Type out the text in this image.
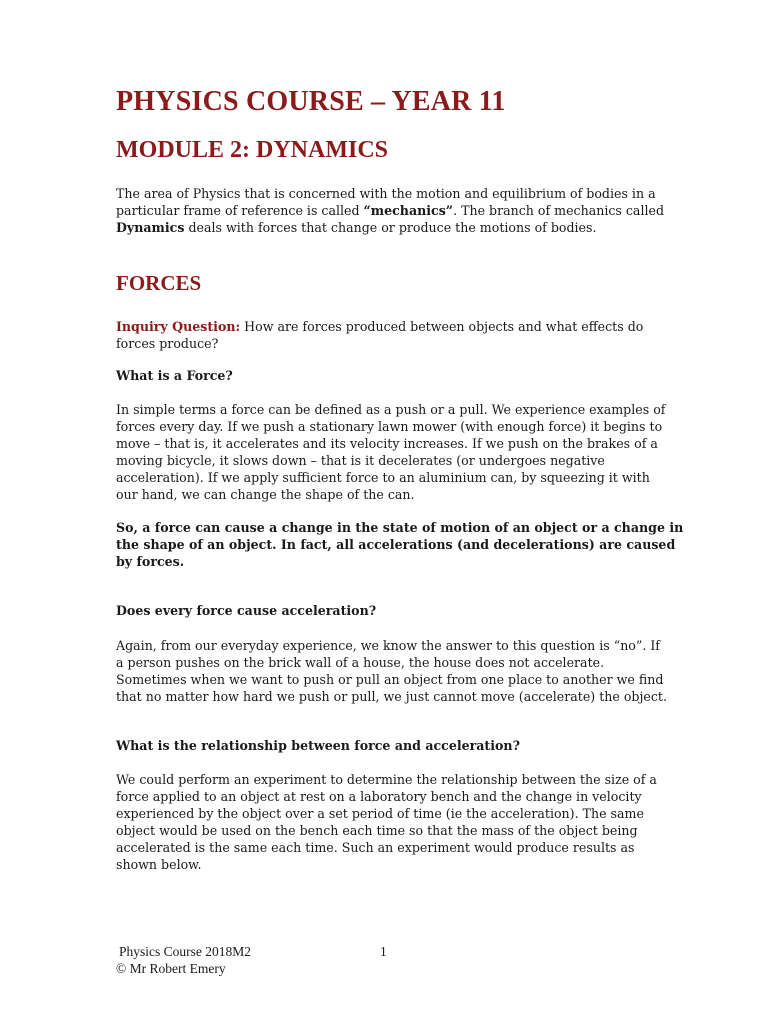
PHYSICS COURSE – YEAR 11
MODULE 2: DYNAMICS
The area of Physics that is concerned with the motion and equilibrium of bodies in a
particular frame of reference is called “mechanics”. The branch of mechanics called
Dynamics deals with forces that change or produce the motions of bodies.
FORCES
Inquiry Question: How are forces produced between objects and what effects do
forces produce?
What is a Force?
In simple terms a force can be defined as a push or a pull. We experience examples of
forces every day. If we push a stationary lawn mower (with enough force) it begins to
move – that is, it accelerates and its velocity increases. If we push on the brakes of a
moving bicycle, it slows down – that is it decelerates (or undergoes negative
acceleration). If we apply sufficient force to an aluminium can, by squeezing it with
our hand, we can change the shape of the can.
So, a force can cause a change in the state of motion of an object or a change in
the shape of an object. In fact, all accelerations (and decelerations) are caused
by forces.
Does every force cause acceleration?
Again, from our everyday experience, we know the answer to this question is “no”. If
a person pushes on the brick wall of a house, the house does not accelerate.
Sometimes when we want to push or pull an object from one place to another we find
that no matter how hard we push or pull, we just cannot move (accelerate) the object.
What is the relationship between force and acceleration?
We could perform an experiment to determine the relationship between the size of a
force applied to an object at rest on a laboratory bench and the change in velocity
experienced by the object over a set period of time (ie the acceleration). The same
object would be used on the bench each time so that the mass of the object being
accelerated is the same each time. Such an experiment would produce results as
shown below.
Physics Course 2018M2	1
© Mr Robert Emery
